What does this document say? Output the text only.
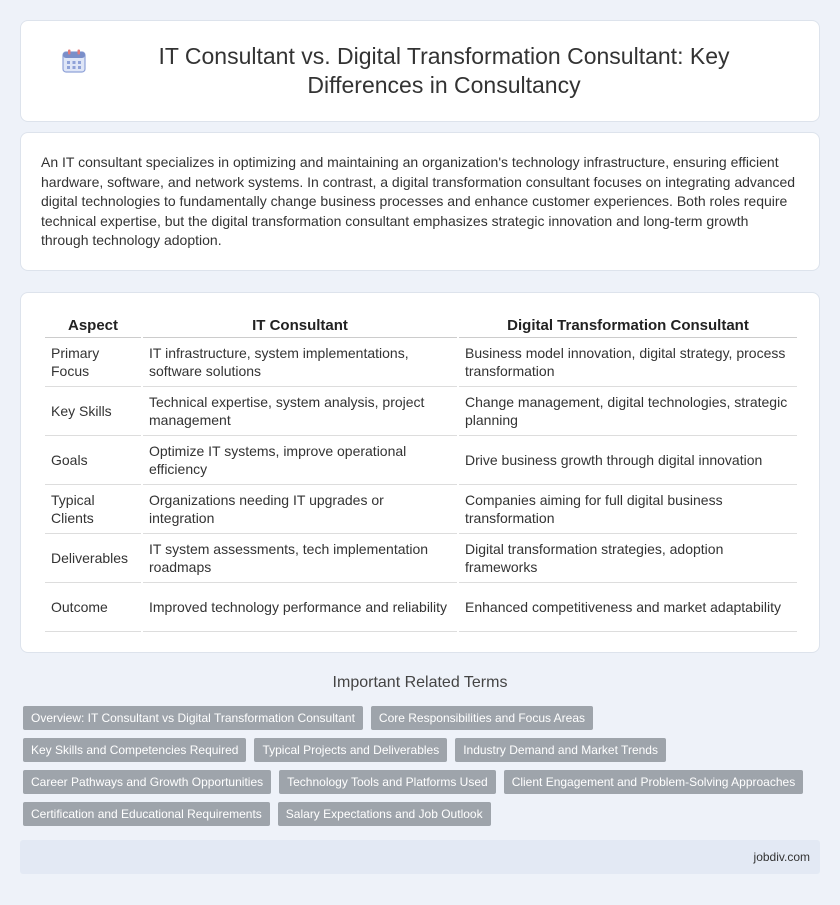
IT Consultant vs. Digital Transformation Consultant: Key Differences in Consultancy

An IT consultant specializes in optimizing and maintaining an organization's technology infrastructure, ensuring efficient hardware, software, and network systems. In contrast, a digital transformation consultant focuses on integrating advanced digital technologies to fundamentally change business processes and enhance customer experiences. Both roles require technical expertise, but the digital transformation consultant emphasizes strategic innovation and long-term growth through technology adoption.

Aspect	IT Consultant	Digital Transformation Consultant
Primary Focus	IT infrastructure, system implementations, software solutions	Business model innovation, digital strategy, process transformation
Key Skills	Technical expertise, system analysis, project management	Change management, digital technologies, strategic planning
Goals	Optimize IT systems, improve operational efficiency	Drive business growth through digital innovation
Typical Clients	Organizations needing IT upgrades or integration	Companies aiming for full digital business transformation
Deliverables	IT system assessments, tech implementation roadmaps	Digital transformation strategies, adoption frameworks
Outcome	Improved technology performance and reliability	Enhanced competitiveness and market adaptability
Important Related Terms
Overview: IT Consultant vs Digital Transformation Consultant	Core Responsibilities and Focus Areas
Key Skills and Competencies Required	Typical Projects and Deliverables	Industry Demand and Market Trends
Career Pathways and Growth Opportunities	Technology Tools and Platforms Used	Client Engagement and Problem-Solving Approaches
Certification and Educational Requirements	Salary Expectations and Job Outlook
jobdiv.com
